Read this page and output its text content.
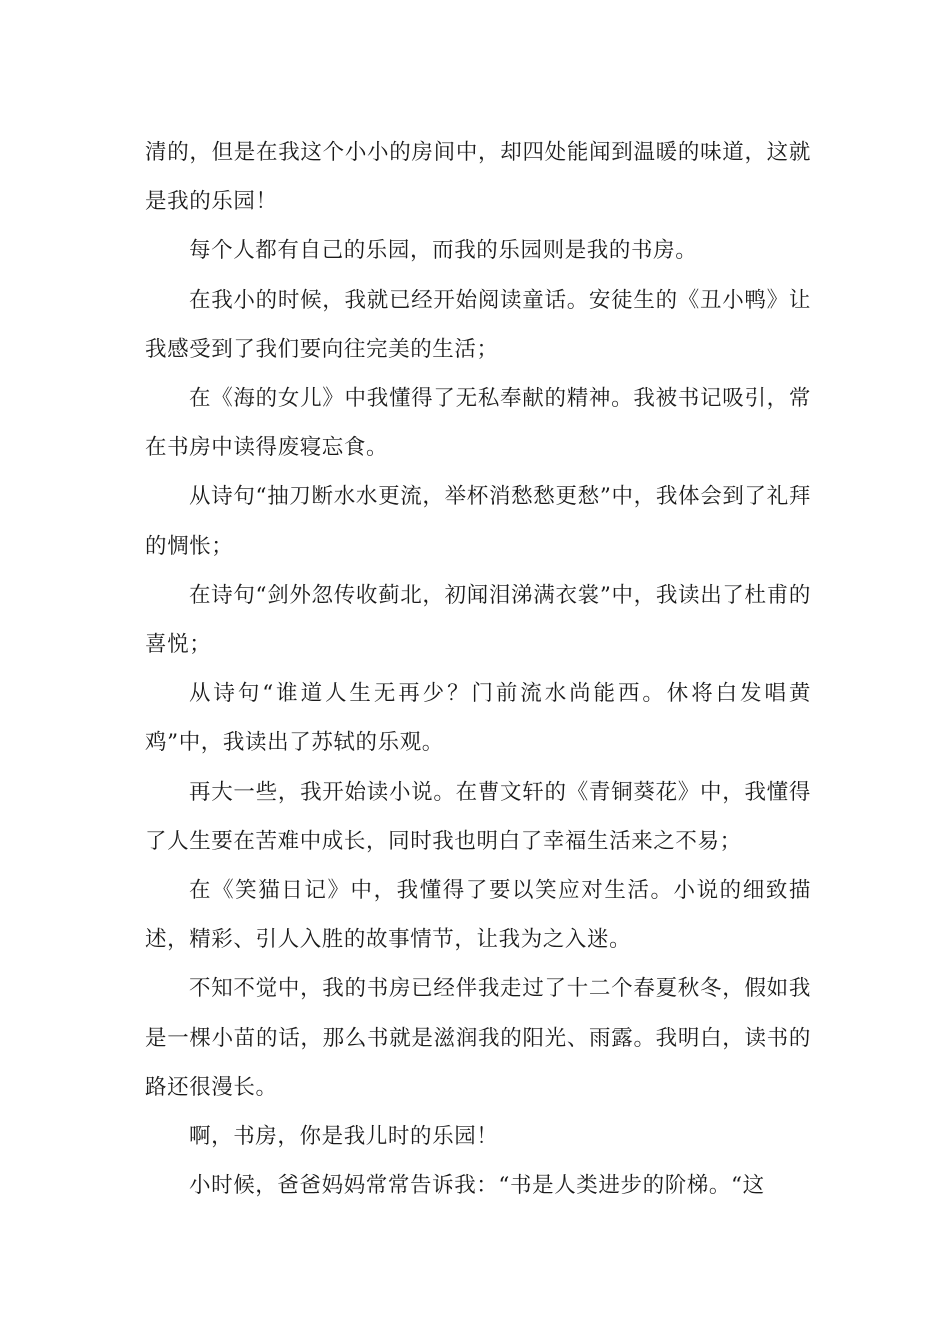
清的，但是在我这个小小的房间中，却四处能闻到温暖的味道，这就是我的乐园！

每个人都有自己的乐园，而我的乐园则是我的书房。

在我小的时候，我就已经开始阅读童话。安徒生的《丑小鸭》让我感受到了我们要向往完美的生活；

在《海的女儿》中我懂得了无私奉献的精神。我被书记吸引，常在书房中读得废寝忘食。

从诗句“抽刀断水水更流，举杯消愁愁更愁”中，我体会到了礼拜的惆怅；

在诗句“剑外忽传收蓟北，初闻泪涕满衣裳”中，我读出了杜甫的喜悦；

从诗句“谁道人生无再少？门前流水尚能西。休将白发唱黄鸡”中，我读出了苏轼的乐观。

再大一些，我开始读小说。在曹文轩的《青铜葵花》中，我懂得了人生要在苦难中成长，同时我也明白了幸福生活来之不易；

在《笑猫日记》中，我懂得了要以笑应对生活。小说的细致描述，精彩、引人入胜的故事情节，让我为之入迷。

不知不觉中，我的书房已经伴我走过了十二个春夏秋冬，假如我是一棵小苗的话，那么书就是滋润我的阳光、雨露。我明白，读书的路还很漫长。

啊，书房，你是我儿时的乐园！

小时候，爸爸妈妈常常告诉我：“书是人类进步的阶梯。“这
